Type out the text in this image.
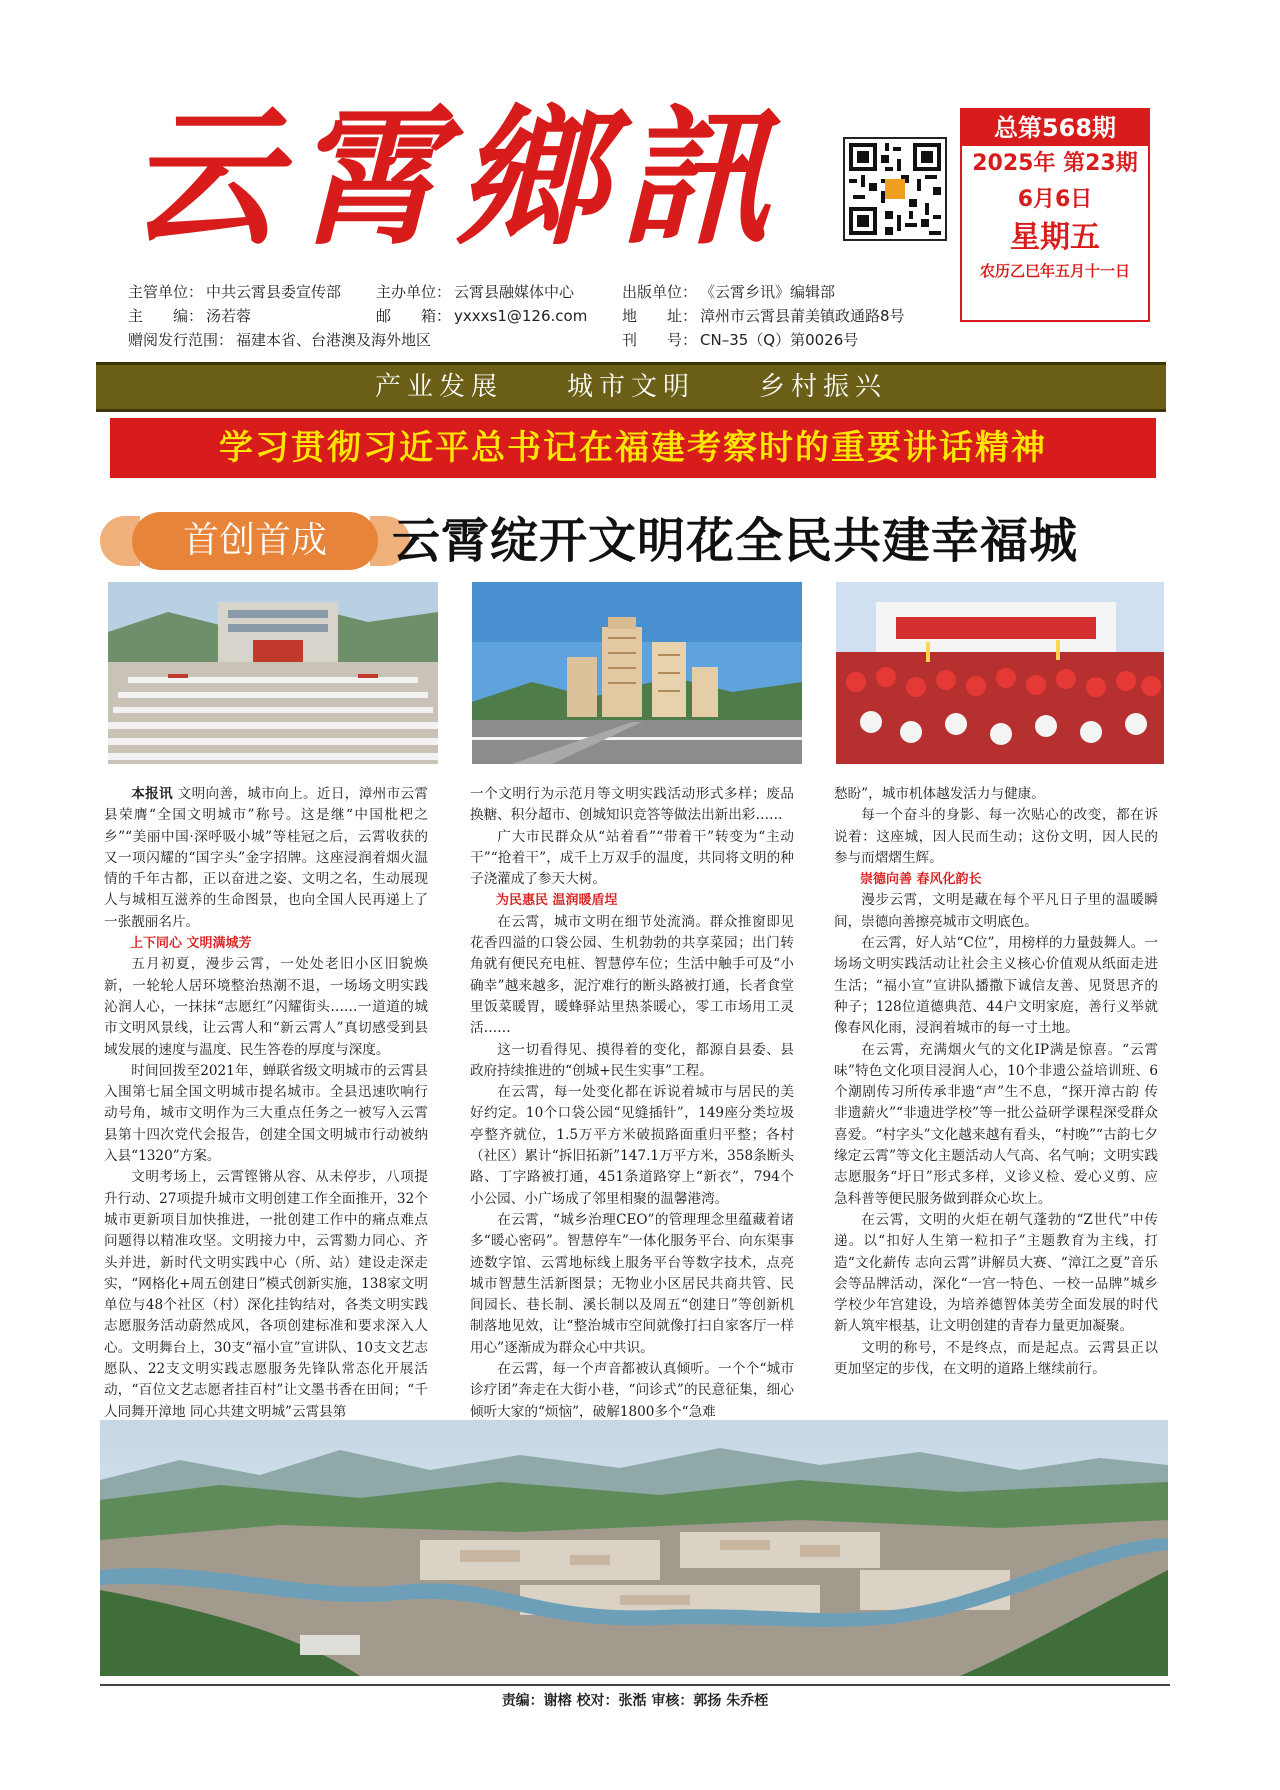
云霄鄉訊	总第568期
2025年 第23期
6月6日
星期五
农历乙巳年五月十一日
主管单位： 中共云霄县委宣传部 主办单位： 云霄县融媒体中心	出版单位： 《云霄乡讯》编辑部
主　　编： 汤若蓉	邮　　箱： yxxxs1@126.com 地　　址： 漳州市云霄县莆美镇政通路8号
赠阅发行范围： 福建本省、台港澳及海外地区	刊　　号： CN–35（Q）第0026号
产业发展　　城市文明　　乡村振兴
学习贯彻习近平总书记在福建考察时的重要讲话精神
首创首成	云霄绽开文明花全民共建幸福城

本报讯 文明向善，城市向上。近日，漳州市云霄县荣膺“全国文明城市”称号。这是继“中国枇杷之乡”“美丽中国·深呼吸小城”等桂冠之后，云霄收获的又一项闪耀的“国字头”金字招牌。这座浸润着烟火温情的千年古都，正以奋进之姿、文明之名，生动展现人与城相互滋养的生命图景，也向全国人民再递上了一张靓丽名片。

上下同心 文明满城芳

五月初夏，漫步云霄，一处处老旧小区旧貌焕新，一轮轮人居环境整治热潮不退，一场场文明实践沁润人心，一抹抹“志愿红”闪耀街头……一道道的城市文明风景线，让云霄人和“新云霄人”真切感受到县域发展的速度与温度、民生答卷的厚度与深度。

时间回拨至2021年，蝉联省级文明城市的云霄县入围第七届全国文明城市提名城市。全县迅速吹响行动号角，城市文明作为三大重点任务之一被写入云霄县第十四次党代会报告，创建全国文明城市行动被纳入县“1320”方案。

文明考场上，云霄铿锵从容、从未停步，八项提升行动、27项提升城市文明创建工作全面推开，32个城市更新项目加快推进，一批创建工作中的痛点难点问题得以精准攻坚。文明接力中，云霄勠力同心、齐头并进，新时代文明实践中心（所、站）建设走深走实，“网格化+周五创建日”模式创新实施，138家文明单位与48个社区（村）深化挂钩结对，各类文明实践志愿服务活动蔚然成风，各项创建标准和要求深入人心。文明舞台上，30支“福小宣”宣讲队、10支文艺志愿队、22支文明实践志愿服务先锋队常态化开展活动，“百位文艺志愿者挂百村”让文墨书香在田间；“千人同舞开漳地 同心共建文明城”云霄县第

一个文明行为示范月等文明实践活动形式多样；废品换糖、积分超市、创城知识竞答等做法出新出彩……

广大市民群众从“站着看”“带着干”转变为“主动干”“抢着干”，成千上万双手的温度，共同将文明的种子浇灌成了参天大树。

为民惠民 温润暖盾埕

在云霄，城市文明在细节处流淌。群众推窗即见花香四溢的口袋公园、生机勃勃的共享菜园；出门转角就有便民充电桩、智慧停车位；生活中触手可及“小确幸”越来越多，泥泞难行的断头路被打通，长者食堂里饭菜暖胃，暖蜂驿站里热茶暖心，零工市场用工灵活……

这一切看得见、摸得着的变化，都源自县委、县政府持续推进的“创城+民生实事”工程。

在云霄，每一处变化都在诉说着城市与居民的美好约定。10个口袋公园“见缝插针”，149座分类垃圾亭整齐就位，1.5万平方米破损路面重归平整；各村（社区）累计“拆旧拓新”147.1万平方米，358条断头路、丁字路被打通，451条道路穿上“新衣”，794个小公园、小广场成了邻里相聚的温馨港湾。

在云霄，“城乡治理CEO”的管理理念里蕴藏着诸多“暖心密码”。智慧停车”一体化服务平台、向东渠事迹数字馆、云霄地标线上服务平台等数字技术，点亮城市智慧生活新图景；无物业小区居民共商共管、民间园长、巷长制、溪长制以及周五“创建日”等创新机制落地见效，让“整治城市空间就像打扫自家客厅一样用心”逐渐成为群众心中共识。

在云霄，每一个声音都被认真倾听。一个个“城市诊疗团”奔走在大街小巷，“问诊式”的民意征集，细心倾听大家的“烦恼”，破解1800多个“急难

愁盼”，城市机体越发活力与健康。

每一个奋斗的身影、每一次贴心的改变，都在诉说着：这座城，因人民而生动；这份文明，因人民的参与而熠熠生辉。

崇德向善 春风化韵长

漫步云霄，文明是藏在每个平凡日子里的温暖瞬间，崇德向善擦亮城市文明底色。

在云霄，好人站“C位”，用榜样的力量鼓舞人。一场场文明实践活动让社会主义核心价值观从纸面走进生活；“福小宣”宣讲队播撒下诚信友善、见贤思齐的种子；128位道德典范、44户文明家庭，善行义举就像春风化雨，浸润着城市的每一寸土地。

在云霄，充满烟火气的文化IP满是惊喜。“云霄味”特色文化项目浸润人心，10个非遗公益培训班、6个潮剧传习所传承非遗“声”生不息，“探开漳古韵 传非遗薪火”“非遗进学校”等一批公益研学课程深受群众喜爱。“村字头”文化越来越有看头，“村晚”“古韵七夕 缘定云霄”等文化主题活动人气高、名气响；文明实践志愿服务“圩日”形式多样，义诊义检、爱心义剪、应急科普等便民服务做到群众心坎上。

在云霄，文明的火炬在朝气蓬勃的“Z世代”中传递。以“扣好人生第一粒扣子”主题教育为主线，打造“文化薪传 志向云霄”讲解员大赛、“漳江之夏”音乐会等品牌活动，深化“一宫一特色、一校一品牌”城乡学校少年宫建设，为培养德智体美劳全面发展的时代新人筑牢根基，让文明创建的青春力量更加凝聚。

文明的称号，不是终点，而是起点。云霄县正以更加坚定的步伐，在文明的道路上继续前行。

责编：谢榕 校对：张湉 审核：郭扬 朱乔桎
